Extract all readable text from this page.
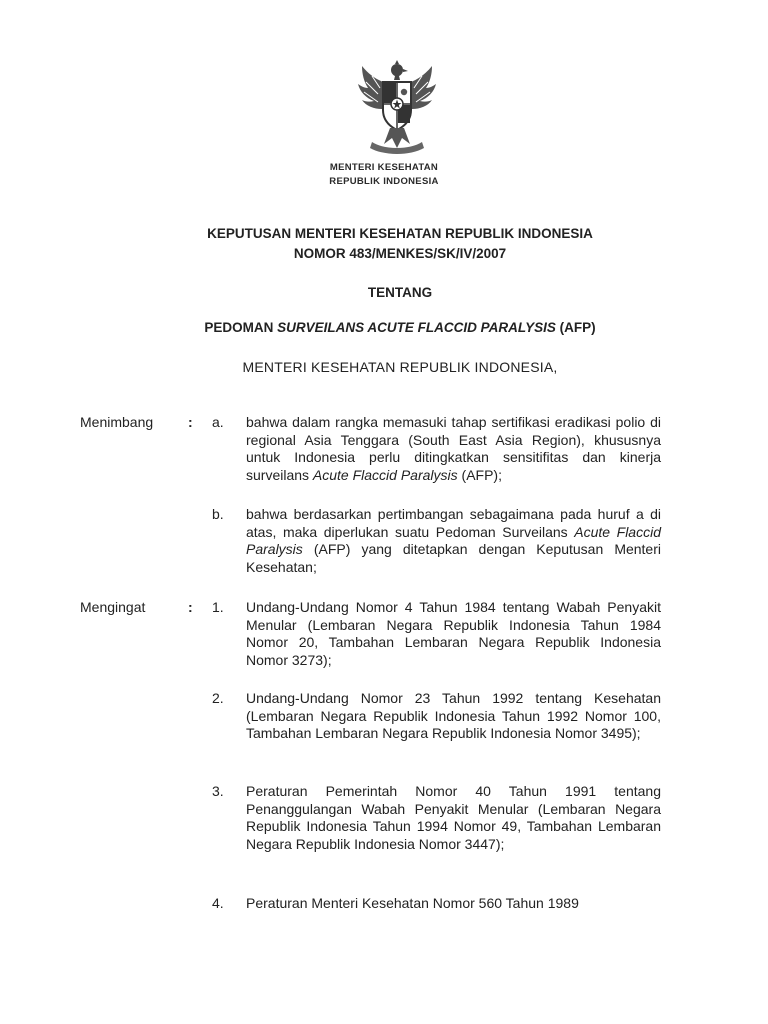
MENTERI KESEHATAN
REPUBLIK INDONESIA
KEPUTUSAN MENTERI KESEHATAN REPUBLIK INDONESIA
NOMOR 483/MENKES/SK/IV/2007
TENTANG
PEDOMAN SURVEILANS ACUTE FLACCID PARALYSIS (AFP)
MENTERI KESEHATAN REPUBLIK INDONESIA,
Menimbang : a. bahwa dalam rangka memasuki tahap sertifikasi eradikasi polio di regional Asia Tenggara (South East Asia Region), khususnya untuk Indonesia perlu ditingkatkan sensitifitas dan kinerja surveilans Acute Flaccid Paralysis (AFP);
b. bahwa berdasarkan pertimbangan sebagaimana pada huruf a di atas, maka diperlukan suatu Pedoman Surveilans Acute Flaccid Paralysis (AFP) yang ditetapkan dengan Keputusan Menteri Kesehatan;
Mengingat	: 1. Undang-Undang Nomor 4 Tahun 1984 tentang Wabah Penyakit Menular (Lembaran Negara Republik Indonesia Tahun 1984 Nomor 20, Tambahan Lembaran Negara Republik Indonesia Nomor 3273);
2. Undang-Undang Nomor 23 Tahun 1992 tentang Kesehatan (Lembaran Negara Republik Indonesia Tahun 1992 Nomor 100, Tambahan Lembaran Negara Republik Indonesia Nomor 3495);
3. Peraturan Pemerintah Nomor 40 Tahun 1991 tentang Penanggulangan Wabah Penyakit Menular (Lembaran Negara Republik Indonesia Tahun 1994 Nomor 49, Tambahan Lembaran Negara Republik Indonesia Nomor 3447);
4. Peraturan Menteri Kesehatan Nomor 560 Tahun 1989
